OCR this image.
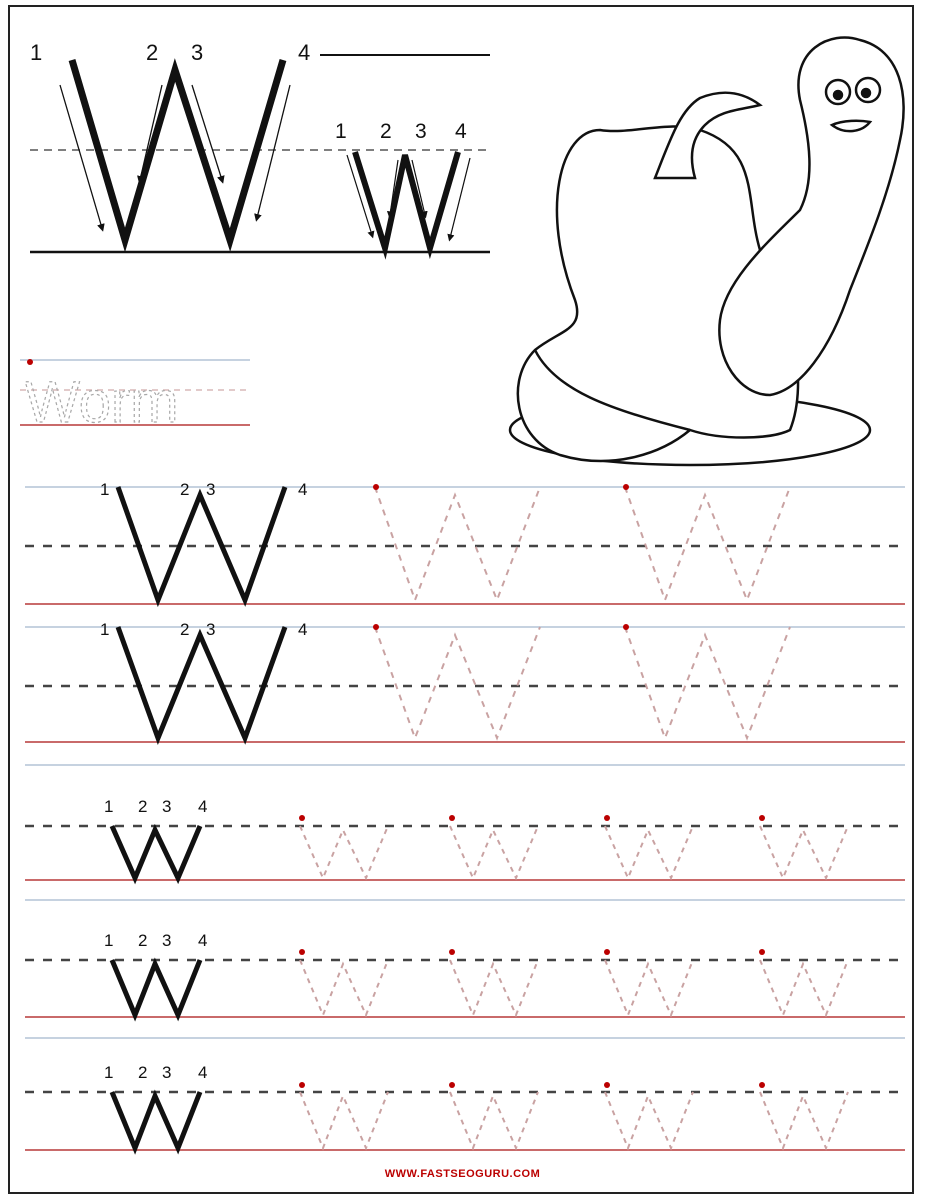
1	2 3	4
1 2 3 4
Worm
1	2 3	4
1	2 3	4
1 2 3 4
1 2 3 4
1 2 3 4
WWW.FASTSEOGURU.COM
